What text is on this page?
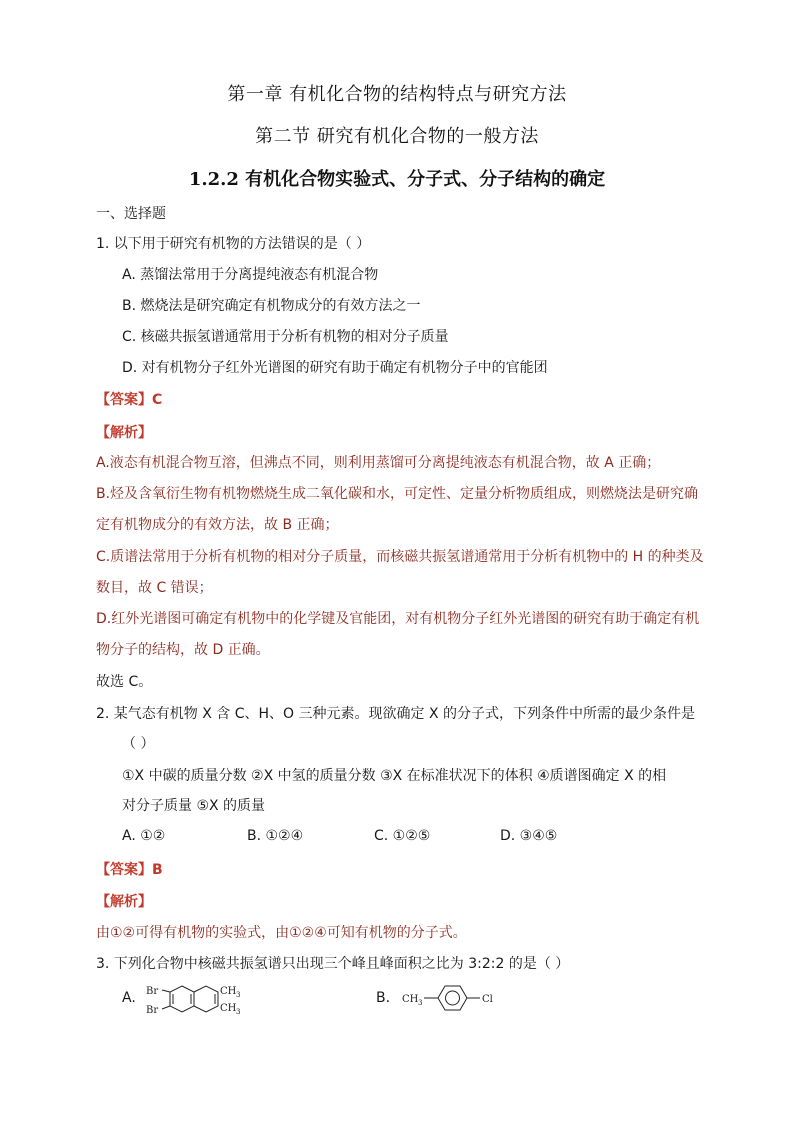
第一章 有机化合物的结构特点与研究方法
第二节 研究有机化合物的一般方法
1.2.2 有机化合物实验式、分子式、分子结构的确定
一、选择题
1. 以下用于研究有机物的方法错误的是（ ）
A. 蒸馏法常用于分离提纯液态有机混合物
B. 燃烧法是研究确定有机物成分的有效方法之一
C. 核磁共振氢谱通常用于分析有机物的相对分子质量
D. 对有机物分子红外光谱图的研究有助于确定有机物分子中的官能团
【答案】C
【解析】
A.液态有机混合物互溶，但沸点不同，则利用蒸馏可分离提纯液态有机混合物，故 A 正确；
B.烃及含氧衍生物有机物燃烧生成二氧化碳和水，可定性、定量分析物质组成，则燃烧法是研究确
定有机物成分的有效方法，故 B 正确；
C.质谱法常用于分析有机物的相对分子质量，而核磁共振氢谱通常用于分析有机物中的 H 的种类及
数目，故 C 错误；
D.红外光谱图可确定有机物中的化学键及官能团，对有机物分子红外光谱图的研究有助于确定有机
物分子的结构，故 D 正确。
故选 C。
2. 某气态有机物 X 含 C、H、O 三种元素。现欲确定 X 的分子式，下列条件中所需的最少条件是
（ ）
①X 中碳的质量分数 ②X 中氢的质量分数 ③X 在标准状况下的体积 ④质谱图确定 X 的相
对分子质量 ⑤X 的质量
A. ①②	B. ①②④	C. ①②⑤	D. ③④⑤
【答案】B
【解析】
由①②可得有机物的实验式，由①②④可知有机物的分子式。
3. 下列化合物中核磁共振氢谱只出现三个峰且峰面积之比为 3:2:2 的是（ ）
A. Br
Br
CH 3
CH 3
B. CH 3	Cl
